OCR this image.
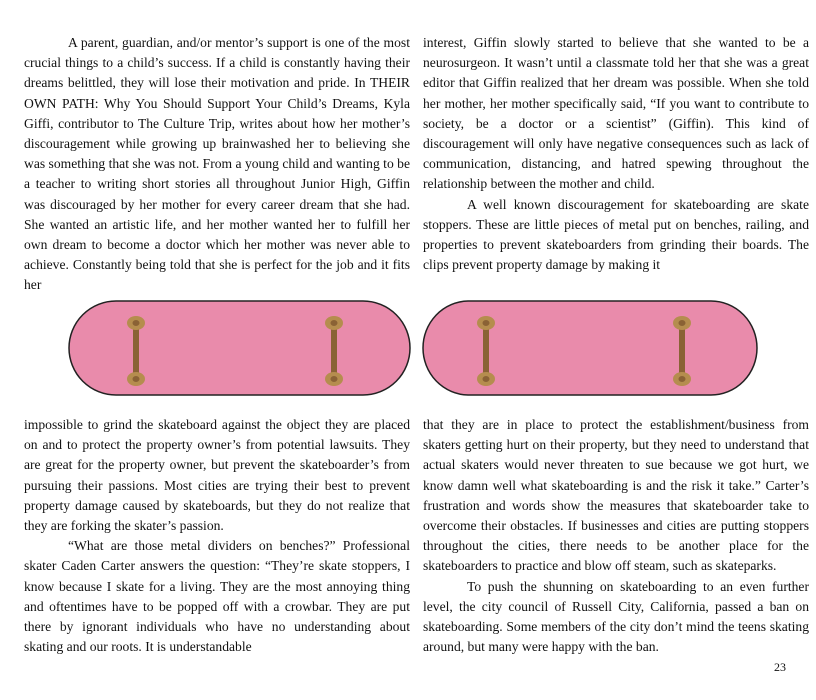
A parent, guardian, and/or mentor’s support is one of the most crucial things to a child’s success. If a child is constantly having their dreams belittled, they will lose their motivation and pride. In THEIR OWN PATH: Why You Should Support Your Child’s Dreams, Kyla Giffi, contributor to The Culture Trip, writes about how her mother’s discouragement while growing up brainwashed her to believing she was something that she was not. From a young child and wanting to be a teacher to writing short stories all throughout Junior High, Giffin was discouraged by her mother for every career dream that she had. She wanted an artistic life, and her mother wanted her to fulfill her own dream to become a doctor which her mother was never able to achieve. Constantly being told that she is perfect for the job and it fits her

interest, Giffin slowly started to believe that she wanted to be a neurosurgeon. It wasn’t until a classmate told her that she was a great editor that Giffin realized that her dream was possible. When she told her mother, her mother specifically said, “If you want to contribute to society, be a doctor or a scientist” (Giffin). This kind of discouragement will only have negative consequences such as lack of communication, distancing, and hatred spewing throughout the relationship between the mother and child.

A well known discouragement for skateboarding are skate stoppers. These are little pieces of metal put on benches, railing, and properties to prevent skateboarders from grinding their boards. The clips prevent property damage by making it

impossible to grind the skateboard against the object they are placed on and to protect the property owner’s from potential lawsuits. They are great for the property owner, but prevent the skateboarder’s from pursuing their passions. Most cities are trying their best to prevent property damage caused by skateboards, but they do not realize that they are forking the skater’s passion.

“What are those metal dividers on benches?” Professional skater Caden Carter answers the question: “They’re skate stoppers, I know because I skate for a living. They are the most annoying thing and oftentimes have to be popped off with a crowbar. They are put there by ignorant individuals who have no understanding about skating and our roots. It is understandable

that they are in place to protect the establishment/business from skaters getting hurt on their property, but they need to understand that actual skaters would never threaten to sue because we got hurt, we know damn well what skateboarding is and the risk it take.” Carter’s frustration and words show the measures that skateboarder take to overcome their obstacles. If businesses and cities are putting stoppers throughout the cities, there needs to be another place for the skateboarders to practice and blow off steam, such as skateparks.

To push the shunning on skateboarding to an even further level, the city council of Russell City, California, passed a ban on skateboarding. Some members of the city don’t mind the teens skating around, but many were happy with the ban.

23
